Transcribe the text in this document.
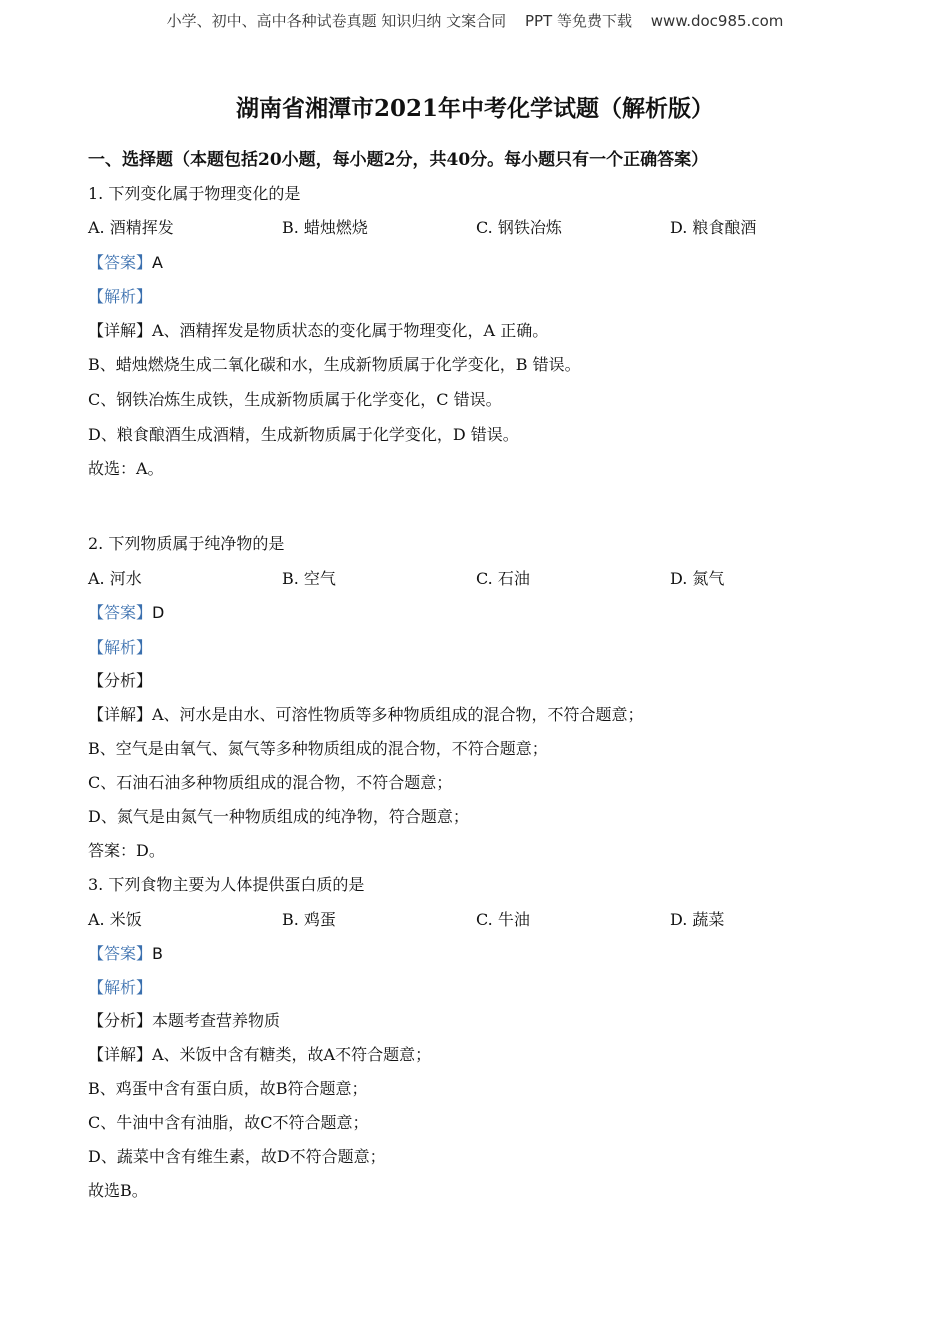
小学、初中、高中各种试卷真题 知识归纳 文案合同 PPT 等免费下载 www.doc985.com
湖南省湘潭市2021年中考化学试题（解析版）
一、选择题（本题包括20小题，每小题2分，共40分。每小题只有一个正确答案）
1. 下列变化属于物理变化的是
A. 酒精挥发	B. 蜡烛燃烧	C. 钢铁冶炼	D. 粮食酿酒
【答案】A
【解析】
【详解】A、酒精挥发是物质状态的变化属于物理变化，A 正确。
B、蜡烛燃烧生成二氧化碳和水，生成新物质属于化学变化，B 错误。
C、钢铁冶炼生成铁，生成新物质属于化学变化，C 错误。
D、粮食酿酒生成酒精，生成新物质属于化学变化，D 错误。
故选：A。
2. 下列物质属于纯净物的是
A. 河水	B. 空气	C. 石油	D. 氮气
【答案】D
【解析】
【分析】
【详解】A、河水是由水、可溶性物质等多种物质组成的混合物，不符合题意；
B、空气是由氧气、氮气等多种物质组成的混合物，不符合题意；
C、石油石油多种物质组成的混合物，不符合题意；
D、氮气是由氮气一种物质组成的纯净物，符合题意；
答案：D。
3. 下列食物主要为人体提供蛋白质的是
A. 米饭	B. 鸡蛋	C. 牛油	D. 蔬菜
【答案】B
【解析】
【分析】本题考查营养物质
【详解】A、米饭中含有糖类，故A不符合题意；
B、鸡蛋中含有蛋白质，故B符合题意；
C、牛油中含有油脂，故C不符合题意；
D、蔬菜中含有维生素，故D不符合题意；
故选B。
